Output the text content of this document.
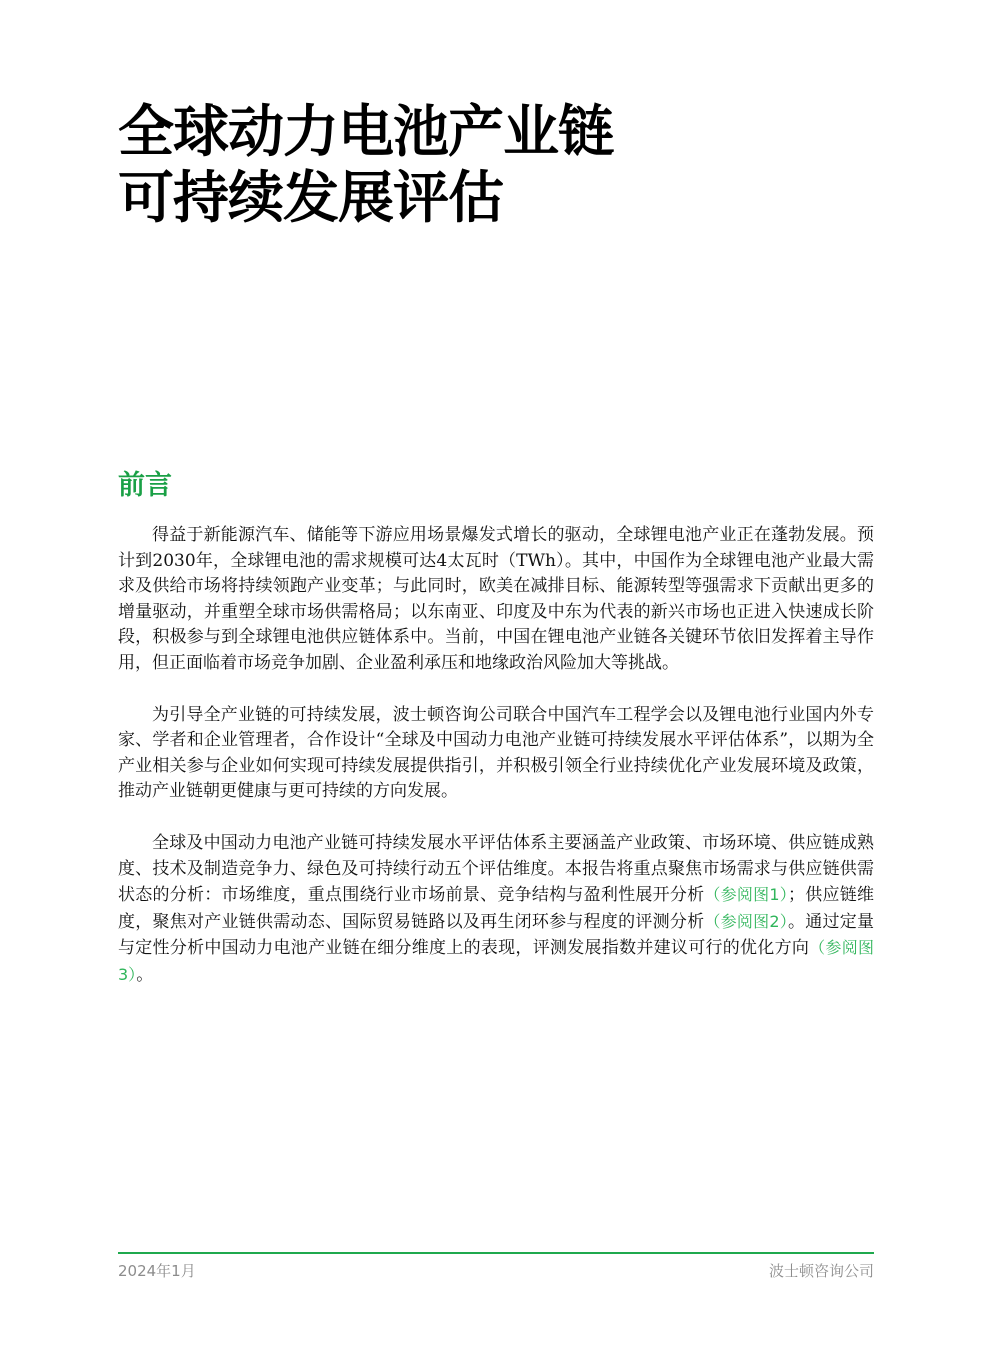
全球动力电池产业链
可持续发展评估
前言

得益于新能源汽车、储能等下游应用场景爆发式增长的驱动，全球锂电池产业正在蓬勃发展。预计到2030年，全球锂电池的需求规模可达4太瓦时（TWh）。其中，中国作为全球锂电池产业最大需求及供给市场将持续领跑产业变革；与此同时，欧美在减排目标、能源转型等强需求下贡献出更多的增量驱动，并重塑全球市场供需格局；以东南亚、印度及中东为代表的新兴市场也正进入快速成长阶段，积极参与到全球锂电池供应链体系中。当前，中国在锂电池产业链各关键环节依旧发挥着主导作用，但正面临着市场竞争加剧、企业盈利承压和地缘政治风险加大等挑战。

为引导全产业链的可持续发展，波士顿咨询公司联合中国汽车工程学会以及锂电池行业国内外专家、学者和企业管理者，合作设计“全球及中国动力电池产业链可持续发展水平评估体系”，以期为全产业相关参与企业如何实现可持续发展提供指引，并积极引领全行业持续优化产业发展环境及政策，推动产业链朝更健康与更可持续的方向发展。

全球及中国动力电池产业链可持续发展水平评估体系主要涵盖产业政策、市场环境、供应链成熟度、技术及制造竞争力、绿色及可持续行动五个评估维度。本报告将重点聚焦市场需求与供应链供需状态的分析：市场维度，重点围绕行业市场前景、竞争结构与盈利性展开分析（参阅图1）；供应链维度，聚焦对产业链供需动态、国际贸易链路以及再生闭环参与程度的评测分析（参阅图2）。通过定量与定性分析中国动力电池产业链在细分维度上的表现，评测发展指数并建议可行的优化方向（参阅图3）。

2024年1月	波士顿咨询公司
